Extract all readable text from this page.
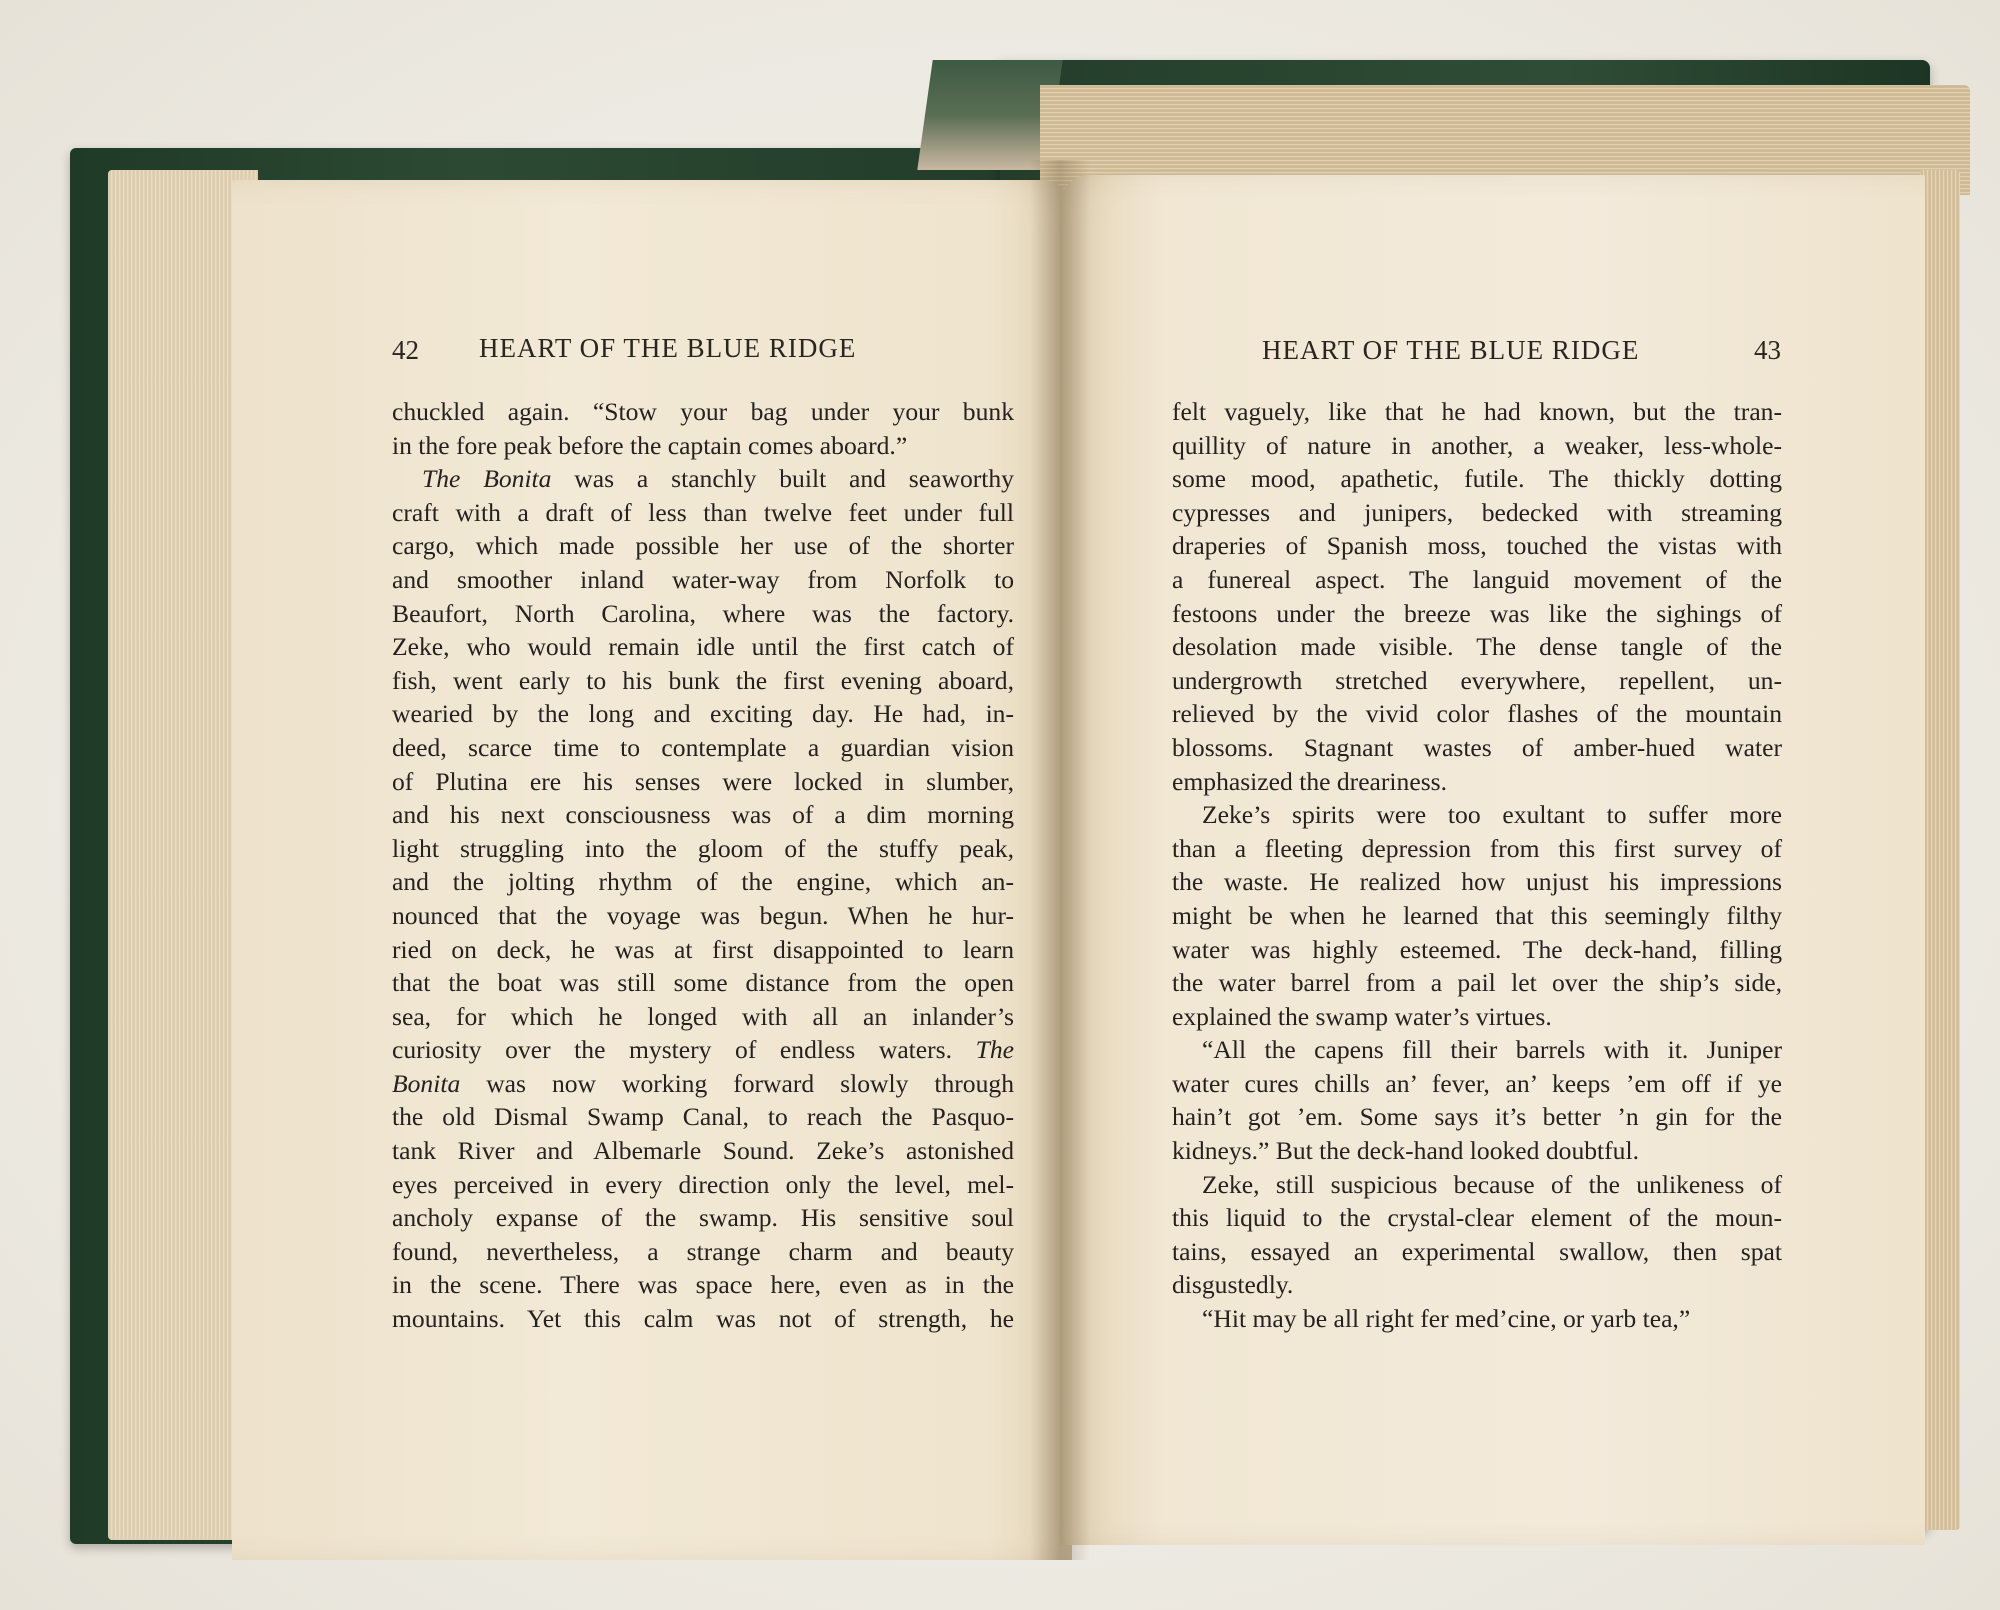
42 HEART OF THE BLUE RIDGE
chuckled again. “Stow your bag under your bunk
in the fore peak before the captain comes aboard.”
The Bonita was a stanchly built and seaworthy
craft with a draft of less than twelve feet under full
cargo, which made possible her use of the shorter
and smoother inland water-way from Norfolk to
Beaufort, North Carolina, where was the factory.
Zeke, who would remain idle until the first catch of
fish, went early to his bunk the first evening aboard,
wearied by the long and exciting day. He had, in-
deed, scarce time to contemplate a guardian vision
of Plutina ere his senses were locked in slumber,
and his next consciousness was of a dim morning
light struggling into the gloom of the stuffy peak,
and the jolting rhythm of the engine, which an-
nounced that the voyage was begun. When he hur-
ried on deck, he was at first disappointed to learn
that the boat was still some distance from the open
sea, for which he longed with all an inlander’s
curiosity over the mystery of endless waters. The
Bonita was now working forward slowly through
the old Dismal Swamp Canal, to reach the Pasquo-
tank River and Albemarle Sound. Zeke’s astonished
eyes perceived in every direction only the level, mel-
ancholy expanse of the swamp. His sensitive soul
found, nevertheless, a strange charm and beauty
in the scene. There was space here, even as in the
mountains. Yet this calm was not of strength, he
HEART OF THE BLUE RIDGE	43
felt vaguely, like that he had known, but the tran-
quillity of nature in another, a weaker, less-whole-
some mood, apathetic, futile. The thickly dotting
cypresses and junipers, bedecked with streaming
draperies of Spanish moss, touched the vistas with
a funereal aspect. The languid movement of the
festoons under the breeze was like the sighings of
desolation made visible. The dense tangle of the
undergrowth stretched everywhere, repellent, un-
relieved by the vivid color flashes of the mountain
blossoms. Stagnant wastes of amber-hued water
emphasized the dreariness.
Zeke’s spirits were too exultant to suffer more
than a fleeting depression from this first survey of
the waste. He realized how unjust his impressions
might be when he learned that this seemingly filthy
water was highly esteemed. The deck-hand, filling
the water barrel from a pail let over the ship’s side,
explained the swamp water’s virtues.
“All the capens fill their barrels with it. Juniper
water cures chills an’ fever, an’ keeps ’em off if ye
hain’t got ’em. Some says it’s better ’n gin for the
kidneys.” But the deck-hand looked doubtful.
Zeke, still suspicious because of the unlikeness of
this liquid to the crystal-clear element of the moun-
tains, essayed an experimental swallow, then spat
disgustedly.
“Hit may be all right fer med’cine, or yarb tea,”
